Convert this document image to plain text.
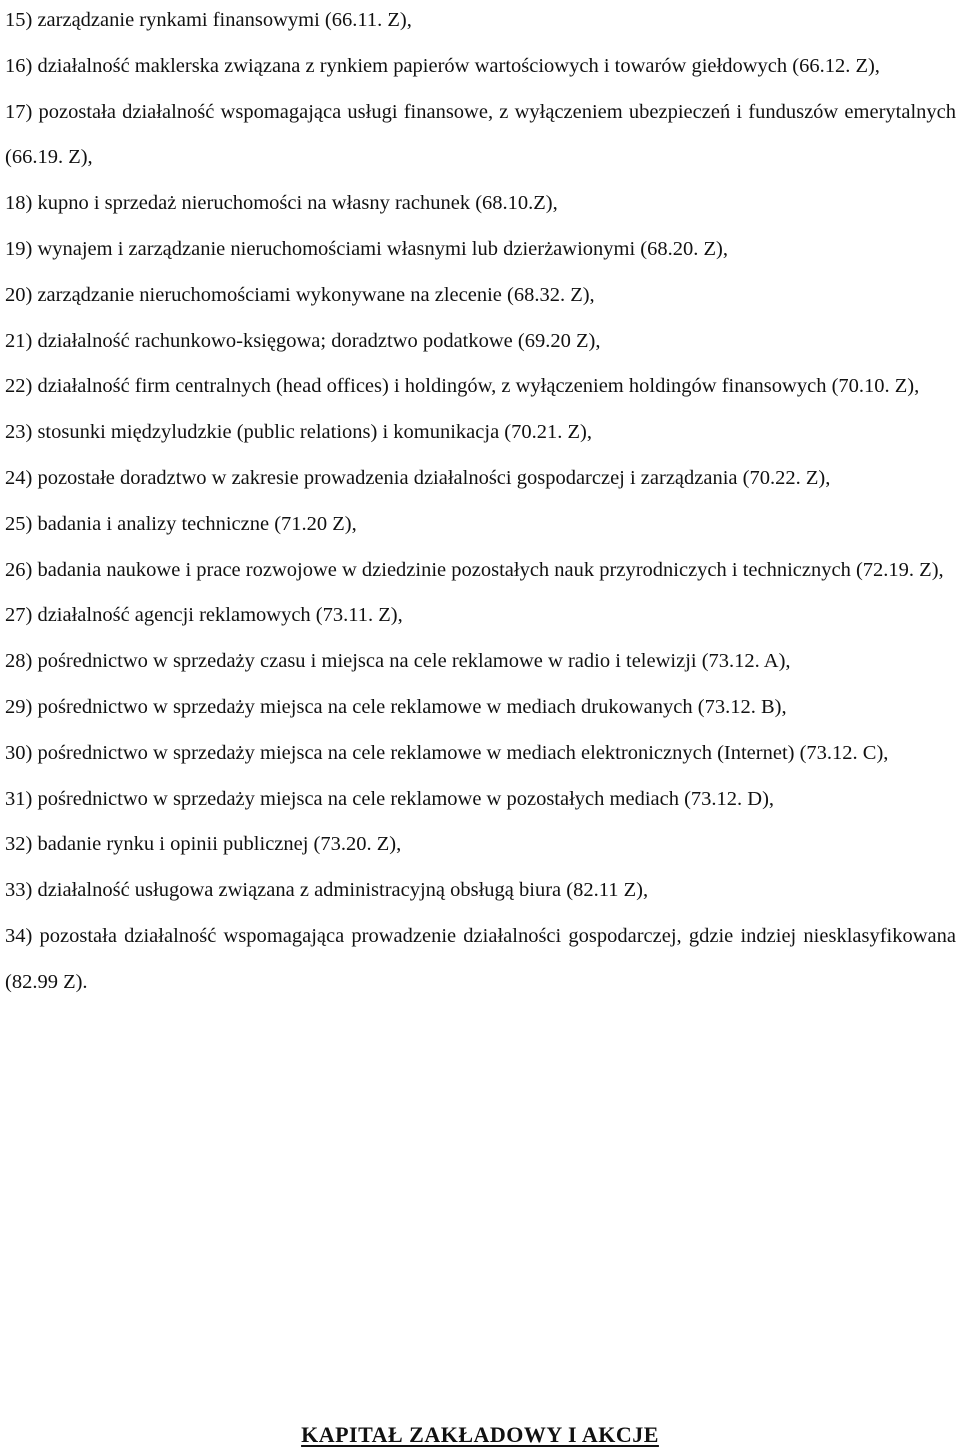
15) zarządzanie rynkami finansowymi (66.11. Z),
16) działalność maklerska związana z rynkiem papierów wartościowych i towarów giełdowych (66.12. Z),
17) pozostała działalność wspomagająca usługi finansowe, z wyłączeniem ubezpieczeń i funduszów emerytalnych (66.19. Z),
18) kupno i sprzedaż nieruchomości na własny rachunek (68.10.Z),
19) wynajem i zarządzanie nieruchomościami własnymi lub dzierżawionymi (68.20. Z),
20) zarządzanie nieruchomościami wykonywane na zlecenie (68.32. Z),
21) działalność rachunkowo-księgowa; doradztwo podatkowe (69.20 Z),
22) działalność firm centralnych (head offices) i holdingów, z wyłączeniem holdingów finansowych (70.10. Z),
23) stosunki międzyludzkie (public relations) i komunikacja (70.21. Z),
24) pozostałe doradztwo w zakresie prowadzenia działalności gospodarczej i zarządzania (70.22. Z),
25) badania i analizy techniczne (71.20 Z),
26) badania naukowe i prace rozwojowe w dziedzinie pozostałych nauk przyrodniczych i technicznych (72.19. Z),
27) działalność agencji reklamowych (73.11. Z),
28) pośrednictwo w sprzedaży czasu i miejsca na cele reklamowe w radio i telewizji (73.12. A),
29) pośrednictwo w sprzedaży miejsca na cele reklamowe w mediach drukowanych (73.12. B),
30) pośrednictwo w sprzedaży miejsca na cele reklamowe w mediach elektronicznych (Internet) (73.12. C),
31) pośrednictwo w sprzedaży miejsca na cele reklamowe w pozostałych mediach (73.12. D),
32) badanie rynku i opinii publicznej (73.20. Z),
33) działalność usługowa związana z administracyjną obsługą biura (82.11 Z),
34) pozostała działalność wspomagająca prowadzenie działalności gospodarczej, gdzie indziej niesklasyfikowana (82.99 Z).
KAPITAŁ ZAKŁADOWY I AKCJE
